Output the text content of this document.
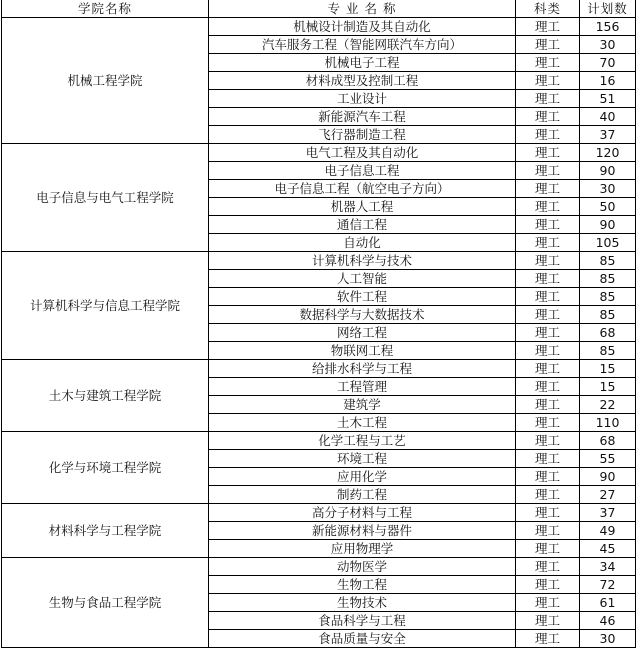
学院名称	专 业 名 称	科类	计划数
机械工程学院	机械设计制造及其自动化	理工	156
	汽车服务工程（智能网联汽车方向）	理工	30
	机械电子工程	理工	70
	材料成型及控制工程	理工	16
	工业设计	理工	51
	新能源汽车工程	理工	40
	飞行器制造工程	理工	37
电子信息与电气工程学院	电气工程及其自动化	理工	120
	电子信息工程	理工	90
	电子信息工程（航空电子方向）	理工	30
	机器人工程	理工	50
	通信工程	理工	90
	自动化	理工	105
计算机科学与信息工程学院	计算机科学与技术	理工	85
	人工智能	理工	85
	软件工程	理工	85
	数据科学与大数据技术	理工	85
	网络工程	理工	68
	物联网工程	理工	85
土木与建筑工程学院	给排水科学与工程	理工	15
	工程管理	理工	15
	建筑学	理工	22
	土木工程	理工	110
化学与环境工程学院	化学工程与工艺	理工	68
	环境工程	理工	55
	应用化学	理工	90
	制药工程	理工	27
材料科学与工程学院	高分子材料与工程	理工	37
	新能源材料与器件	理工	49
	应用物理学	理工	45
生物与食品工程学院	动物医学	理工	34
	生物工程	理工	72
	生物技术	理工	61
	食品科学与工程	理工	46
	食品质量与安全	理工	30
